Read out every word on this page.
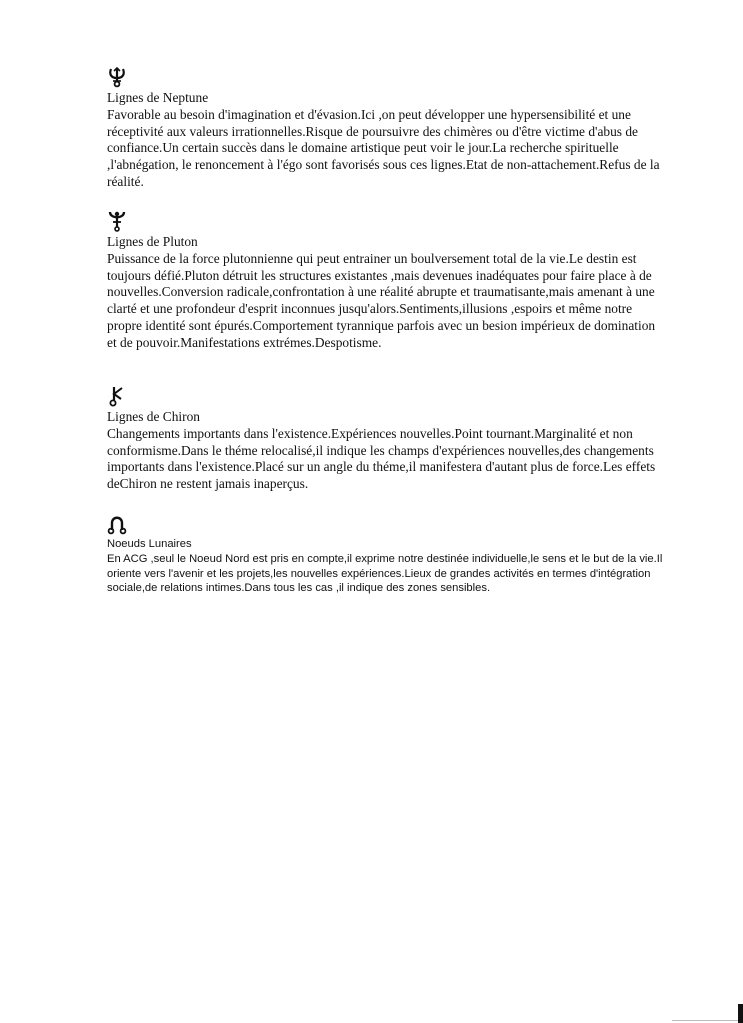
Lignes de Neptune
Favorable au besoin d'imagination et d'évasion.Ici ,on peut développer une hypersensibilité et une réceptivité aux valeurs irrationnelles.Risque de poursuivre des chimères ou d'être victime d'abus de confiance.Un certain succès dans le domaine artistique peut voir le jour.La recherche spirituelle ,l'abnégation, le renoncement à l'égo sont favorisés sous ces lignes.Etat de non-attachement.Refus de la réalité.
Lignes de Pluton
Puissance de la force plutonnienne qui peut entrainer un boulversement total de la vie.Le destin est toujours défié.Pluton détruit les structures existantes ,mais devenues inadéquates pour faire place à de nouvelles.Conversion radicale,confrontation à une réalité abrupte et traumatisante,mais amenant à une clarté et une profondeur d'esprit inconnues jusqu'alors.Sentiments,illusions ,espoirs et même notre propre identité sont épurés.Comportement tyrannique parfois avec un besion impérieux de domination et de pouvoir.Manifestations extrémes.Despotisme.
Lignes de Chiron
Changements importants dans l'existence.Expériences nouvelles.Point tournant.Marginalité et non conformisme.Dans le théme relocalisé,il indique les champs d'expériences nouvelles,des changements importants dans l'existence.Placé sur un angle du théme,il manifestera d'autant plus de force.Les effets deChiron ne restent jamais inaperçus.
Noeuds Lunaires
En ACG ,seul le Noeud Nord est pris en compte,il exprime notre destinée individuelle,le sens et le but de la vie.Il oriente vers l'avenir et les projets,les nouvelles expériences.Lieux de grandes activités en termes d'intégration sociale,de relations intimes.Dans tous les cas ,il indique des zones sensibles.
